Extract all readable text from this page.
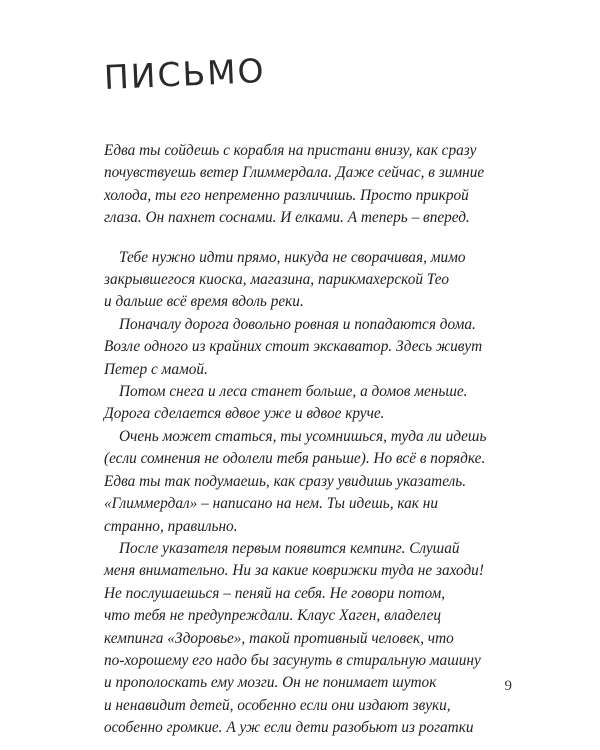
ПИСЬМО
Едва ты сойдешь с корабля на пристани внизу, как сразу
почувствуешь ветер Глиммердала. Даже сейчас, в зимние
холода, ты его непременно различишь. Просто прикрой
глаза. Он пахнет соснами. И елками. А теперь – вперед.
Тебе нужно идти прямо, никуда не сворачивая, мимо
закрывшегося киоска, магазина, парикмахерской Тео
и дальше всё время вдоль реки.
Поначалу дорога довольно ровная и попадаются дома.
Возле одного из крайних стоит экскаватор. Здесь живут
Петер с мамой.
Потом снега и леса станет больше, а домов меньше.
Дорога сделается вдвое уже и вдвое круче.
Очень может статься, ты усомнишься, туда ли идешь
(если сомнения не одолели тебя раньше). Но всё в порядке.
Едва ты так подумаешь, как сразу увидишь указатель.
«Глиммердал» – написано на нем. Ты идешь, как ни
странно, правильно.
После указателя первым появится кемпинг. Слушай
меня внимательно. Ни за какие коврижки туда не заходи!
Не послушаешься – пеняй на себя. Не говори потом,
что тебя не предупреждали. Клаус Хаген, владелец
кемпинга «Здоровье», такой противный человек, что
по-хорошему его надо бы засунуть в стиральную машину
и прополоскать ему мозги. Он не понимает шуток
и ненавидит детей, особенно если они издают звуки,
особенно громкие. А уж если дети разобьют из рогатки
9
